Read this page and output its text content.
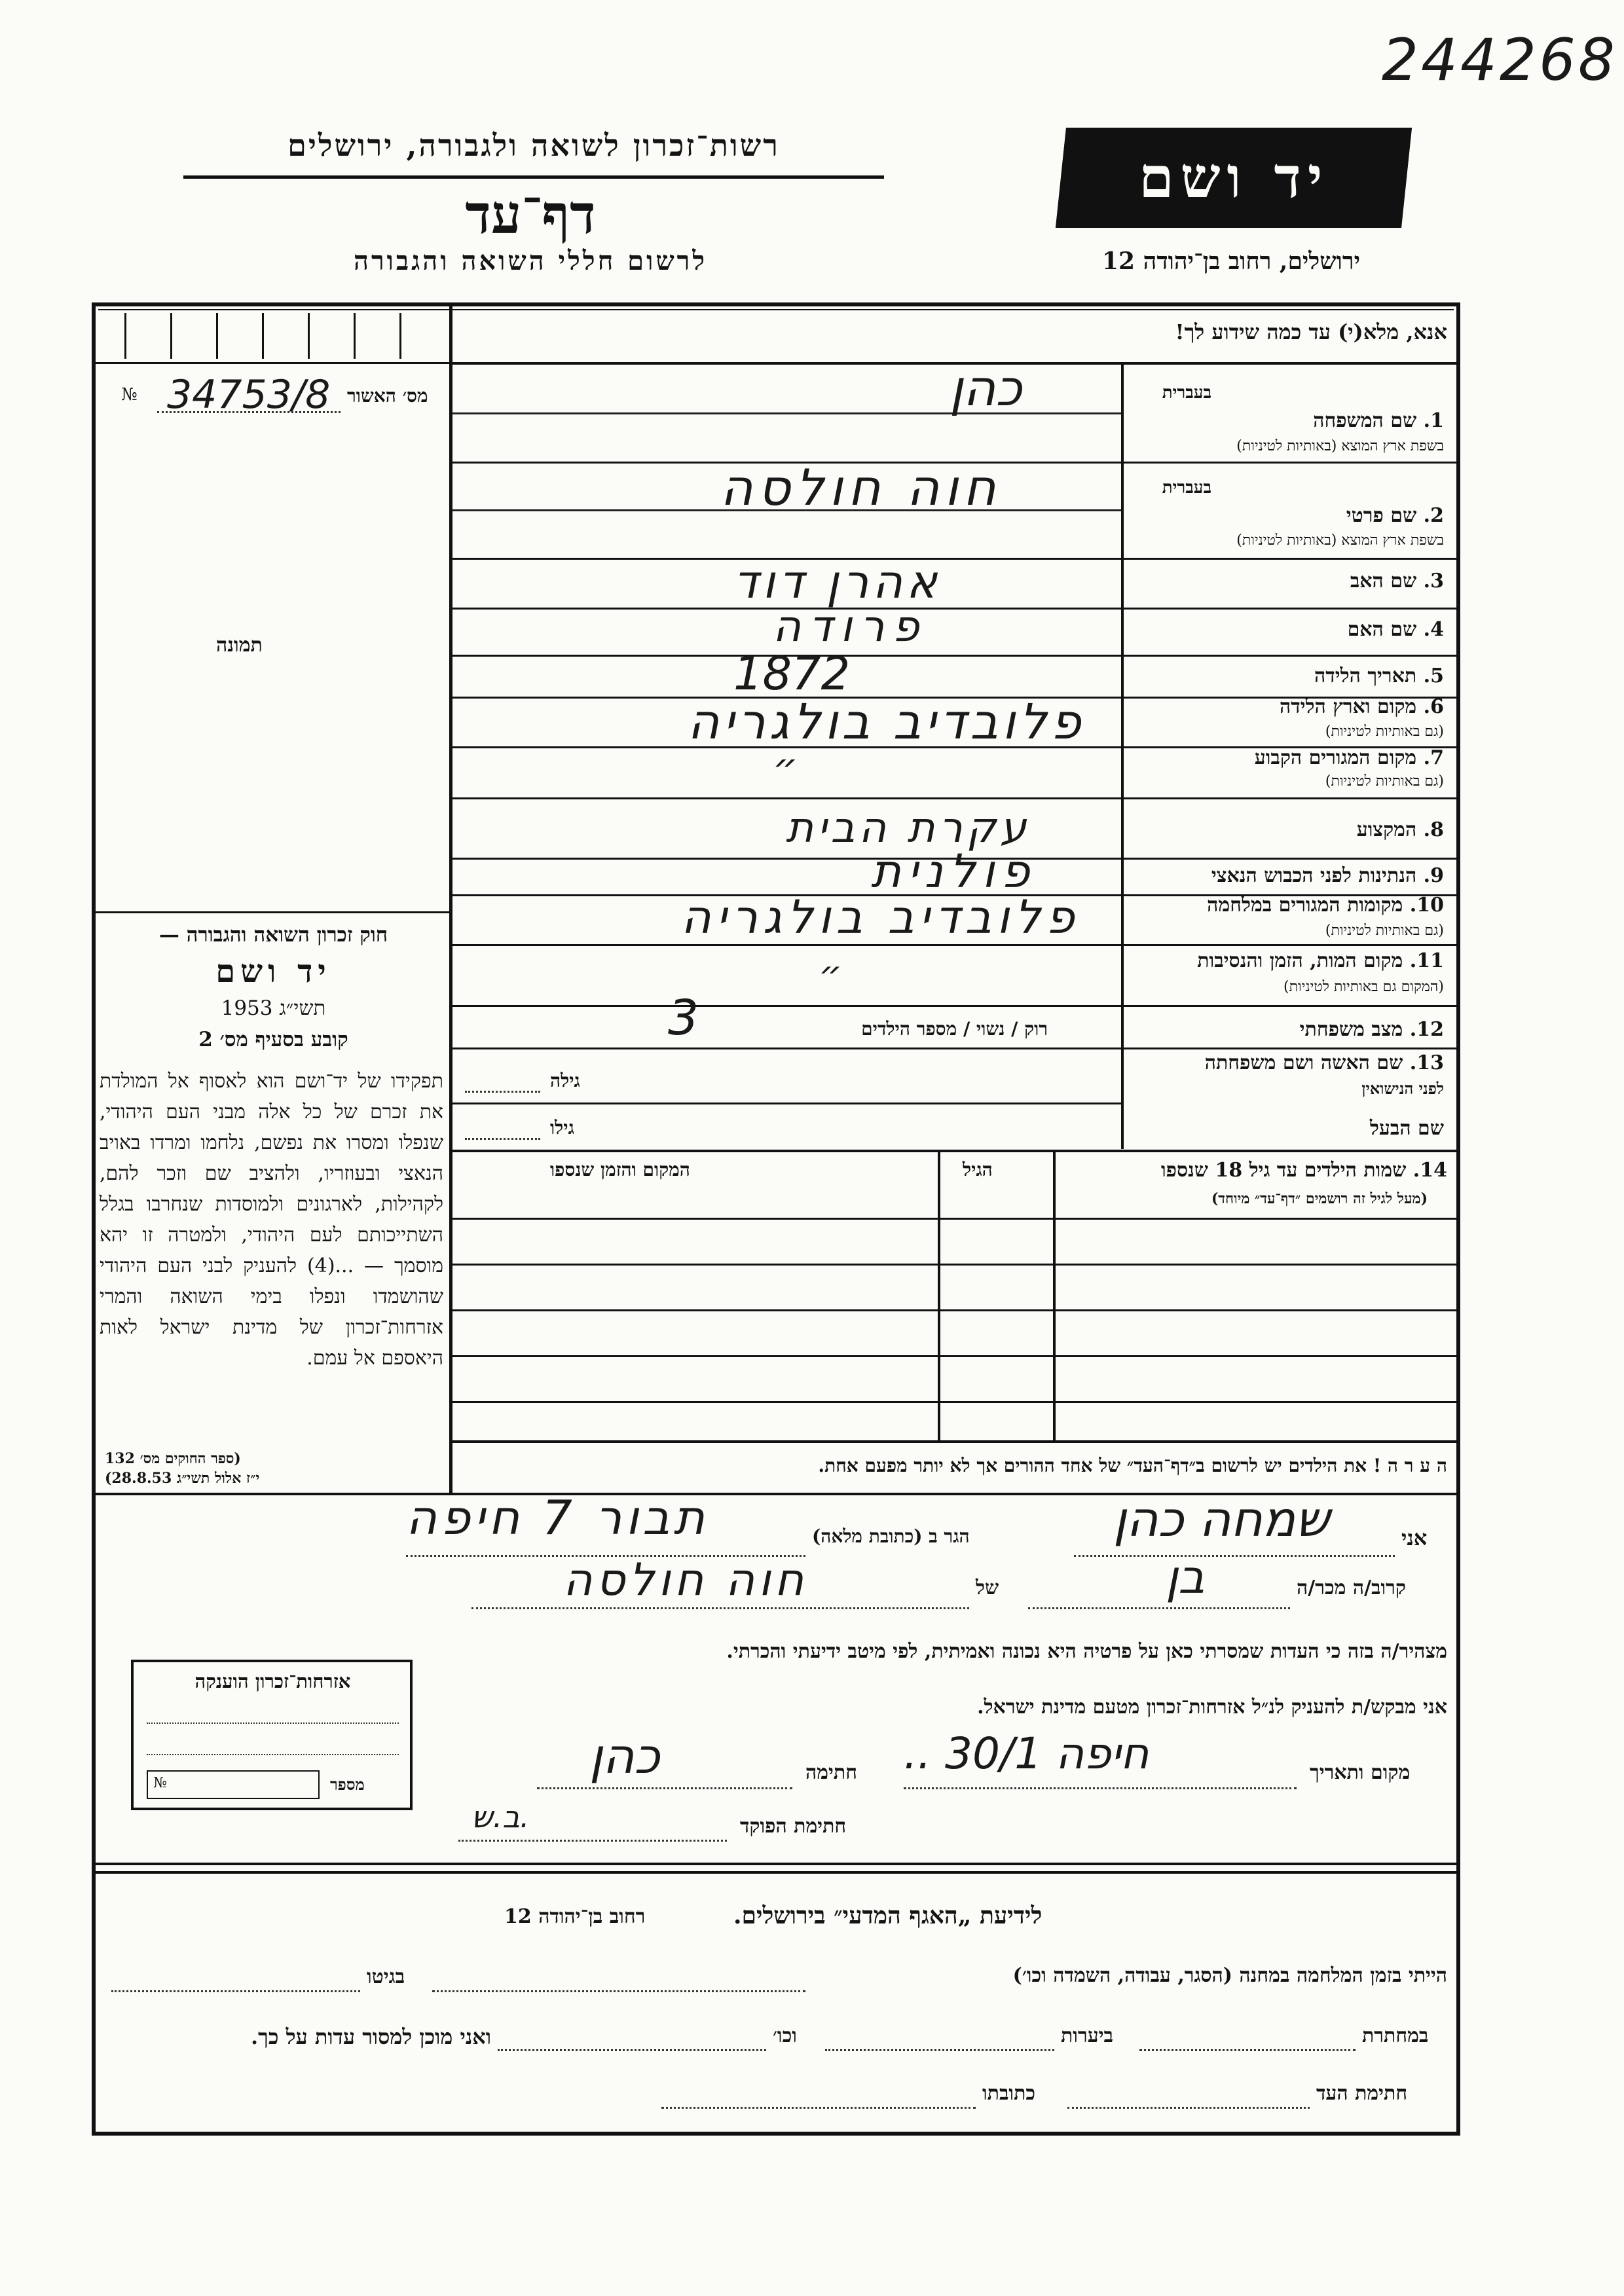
244268
רשות־זכרון לשואה ולגבורה, ירושלים
דף־עד
לרשום חללי השואה והגבורה
יד ושם
ירושלים, רחוב בן־יהודה 12
אנא, מלא(י) עד כמה שידוע לך!
№ 34753/8 מס׳ האשור
תמונה
חוק זכרון השואה והגבורה —
יד ושם
תשי״ג 1953
קובע בסעיף מס׳ 2
תפקידו של יד־ושם הוא לאסוף אל המולדת את זכרם של כל אלה מבני העם היהודי, שנפלו ומסרו את נפשם, נלחמו ומרדו באויב הנאצי ובעוזריו, ולהציב שם וזכר להם, לקהילות, לארגונים ולמוסדות שנחרבו בגלל השתייכותם לעם היהודי, ולמטרה זו יהא מוסמך — ...(4) להעניק לבני העם היהודי שהושמדו ונפלו בימי השואה והמרי אזרחות־זכרון של מדינת ישראל לאות היאספם אל עמם.
(ספר החוקים מס׳ 132
י״ז אלול תשי״ג 28.8.53)
בעברית
1. שם המשפחה
בשפת ארץ המוצא (באותיות לטיניות)
כהן
בעברית
2. שם פרטי
בשפת ארץ המוצא (באותיות לטיניות)
חוה חולסה
3. שם האב
אהרן דוד
4. שם האם
פרודה
5. תאריך הלידה
1872
6. מקום וארץ הלידה
(גם באותיות לטיניות)
פלובדיב בולגריה
7. מקום המגורים הקבוע
(גם באותיות לטיניות)
״
8. המקצוע
עקרת הבית
9. הנתינות לפני הכבוש הנאצי
פולנית
10. מקומות המגורים במלחמה
(גם באותיות לטיניות)
פלובדיב בולגריה
11. מקום המות, הזמן והנסיבות
(המקום גם באותיות לטיניות)
״
12. מצב משפחתי
רוק / נשוי / מספר הילדים
3
13. שם האשה ושם משפחתה
לפני הנישואין
גילה
שם הבעל
גילו
14. שמות הילדים עד גיל 18 שנספו
(מעל לגיל זה רושמים ״דף־עד״ מיוחד)
הגיל
המקום והזמן שנספו
ה ע ר ה ! את הילדים יש לרשום ב״דף־העד״ של אחד ההורים אך לא יותר מפעם אחת.
אני
שמחה כהן
הגר ב (כתובת מלאה)
תבור 7 חיפה
קרוב/ה מכר/ה
בן
של
חוה חולסה
מצהיר/ה בזה כי העדות שמסרתי כאן על פרטיה היא נכונה ואמיתית, לפי מיטב ידיעתי והכרתי.
אני מבקש/ת להעניק לנ״ל אזרחות־זכרון מטעם מדינת ישראל.
מקום ותאריך
חיפה 30/1 ..
חתימה
כהן
חתימת הפוקד
ב.ש.
אזרחות־זכרון הוענקה
מספר
№
לידיעת „האגף המדעי״ בירושלים.
רחוב בן־יהודה 12
הייתי בזמן המלחמה במחנה (הסגר, עבודה, השמדה וכו׳)
בגיטו
במחתרת
ביערות
וכו׳
ואני מוכן למסור עדות על כך.
חתימת העד
כתובתו
